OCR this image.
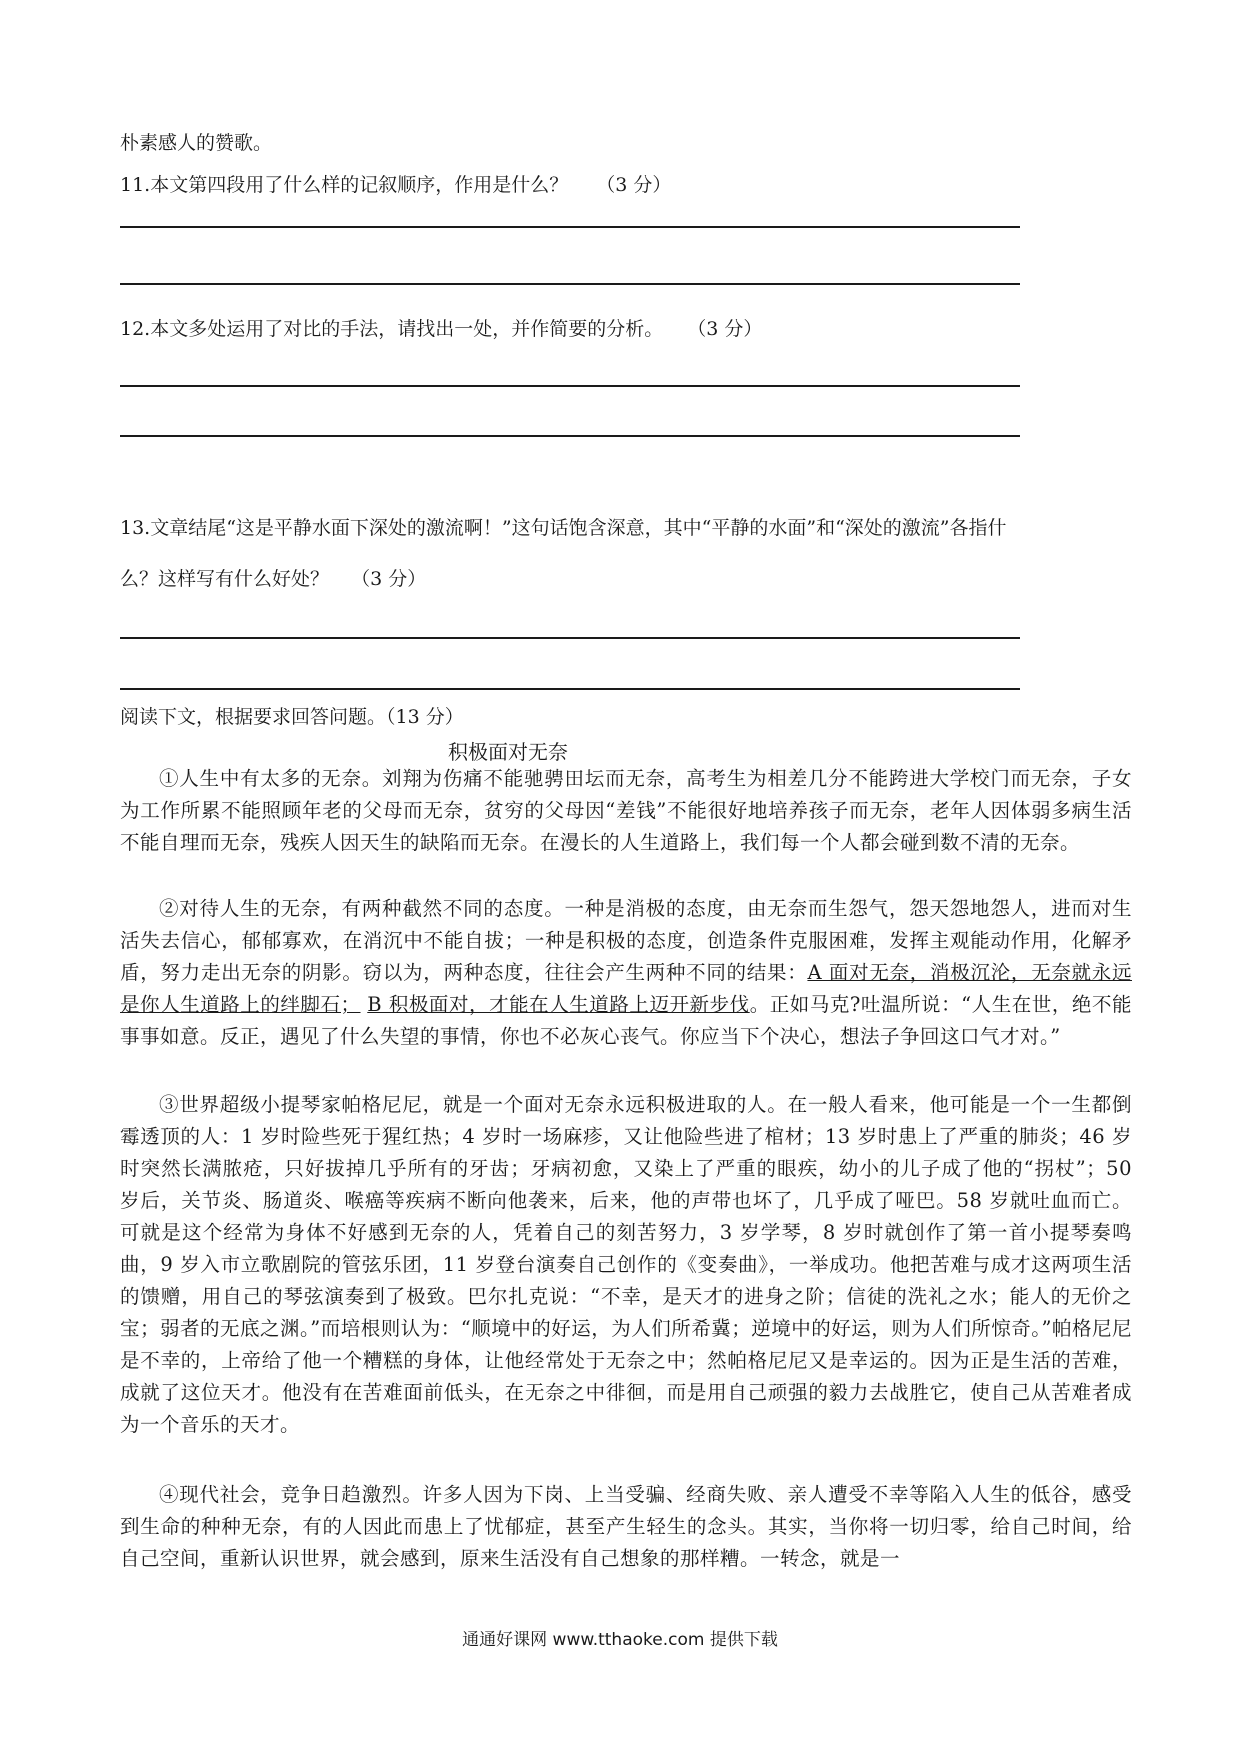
朴素感人的赞歌。
11.本文第四段用了什么样的记叙顺序，作用是什么？ （3 分）
12.本文多处运用了对比的手法，请找出一处，并作简要的分析。 （3 分）
13.文章结尾“这是平静水面下深处的激流啊！”这句话饱含深意，其中“平静的水面”和“深处的激流”各指什
么？这样写有什么好处？ （3 分）
阅读下文，根据要求回答问题。（13 分）
积极面对无奈
①人生中有太多的无奈。刘翔为伤痛不能驰骋田坛而无奈，高考生为相差几分不能跨进大学校门而无奈，子女为工作所累不能照顾年老的父母而无奈，贫穷的父母因“差钱”不能很好地培养孩子而无奈，老年人因体弱多病生活不能自理而无奈，残疾人因天生的缺陷而无奈。在漫长的人生道路上，我们每一个人都会碰到数不清的无奈。
②对待人生的无奈，有两种截然不同的态度。一种是消极的态度，由无奈而生怨气，怨天怨地怨人，进而对生活失去信心，郁郁寡欢，在消沉中不能自拔；一种是积极的态度，创造条件克服困难，发挥主观能动作用，化解矛盾，努力走出无奈的阴影。窃以为，两种态度，往往会产生两种不同的结果：A 面对无奈，消极沉沦，无奈就永远是你人生道路上的绊脚石； B 积极面对，才能在人生道路上迈开新步伐。正如马克?吐温所说：“人生在世，绝不能事事如意。反正，遇见了什么失望的事情，你也不必灰心丧气。你应当下个决心，想法子争回这口气才对。”
③世界超级小提琴家帕格尼尼，就是一个面对无奈永远积极进取的人。在一般人看来，他可能是一个一生都倒霉透顶的人：1 岁时险些死于猩红热；4 岁时一场麻疹，又让他险些进了棺材；13 岁时患上了严重的肺炎；46 岁时突然长满脓疮，只好拔掉几乎所有的牙齿；牙病初愈，又染上了严重的眼疾，幼小的儿子成了他的“拐杖”；50 岁后，关节炎、肠道炎、喉癌等疾病不断向他袭来，后来，他的声带也坏了，几乎成了哑巴。58 岁就吐血而亡。可就是这个经常为身体不好感到无奈的人，凭着自己的刻苦努力，3 岁学琴，8 岁时就创作了第一首小提琴奏鸣曲，9 岁入市立歌剧院的管弦乐团，11 岁登台演奏自己创作的《变奏曲》，一举成功。他把苦难与成才这两项生活的馈赠，用自己的琴弦演奏到了极致。巴尔扎克说：“不幸，是天才的进身之阶；信徒的洗礼之水；能人的无价之宝；弱者的无底之渊。”而培根则认为：“顺境中的好运，为人们所希冀；逆境中的好运，则为人们所惊奇。”帕格尼尼是不幸的，上帝给了他一个糟糕的身体，让他经常处于无奈之中；然帕格尼尼又是幸运的。因为正是生活的苦难，成就了这位天才。他没有在苦难面前低头，在无奈之中徘徊，而是用自己顽强的毅力去战胜它，使自己从苦难者成为一个音乐的天才。
④现代社会，竞争日趋激烈。许多人因为下岗、上当受骗、经商失败、亲人遭受不幸等陷入人生的低谷，感受到生命的种种无奈，有的人因此而患上了忧郁症，甚至产生轻生的念头。其实，当你将一切归零，给自己时间，给自己空间，重新认识世界，就会感到，原来生活没有自己想象的那样糟。一转念，就是一
通通好课网 www.tthaoke.com 提供下载
